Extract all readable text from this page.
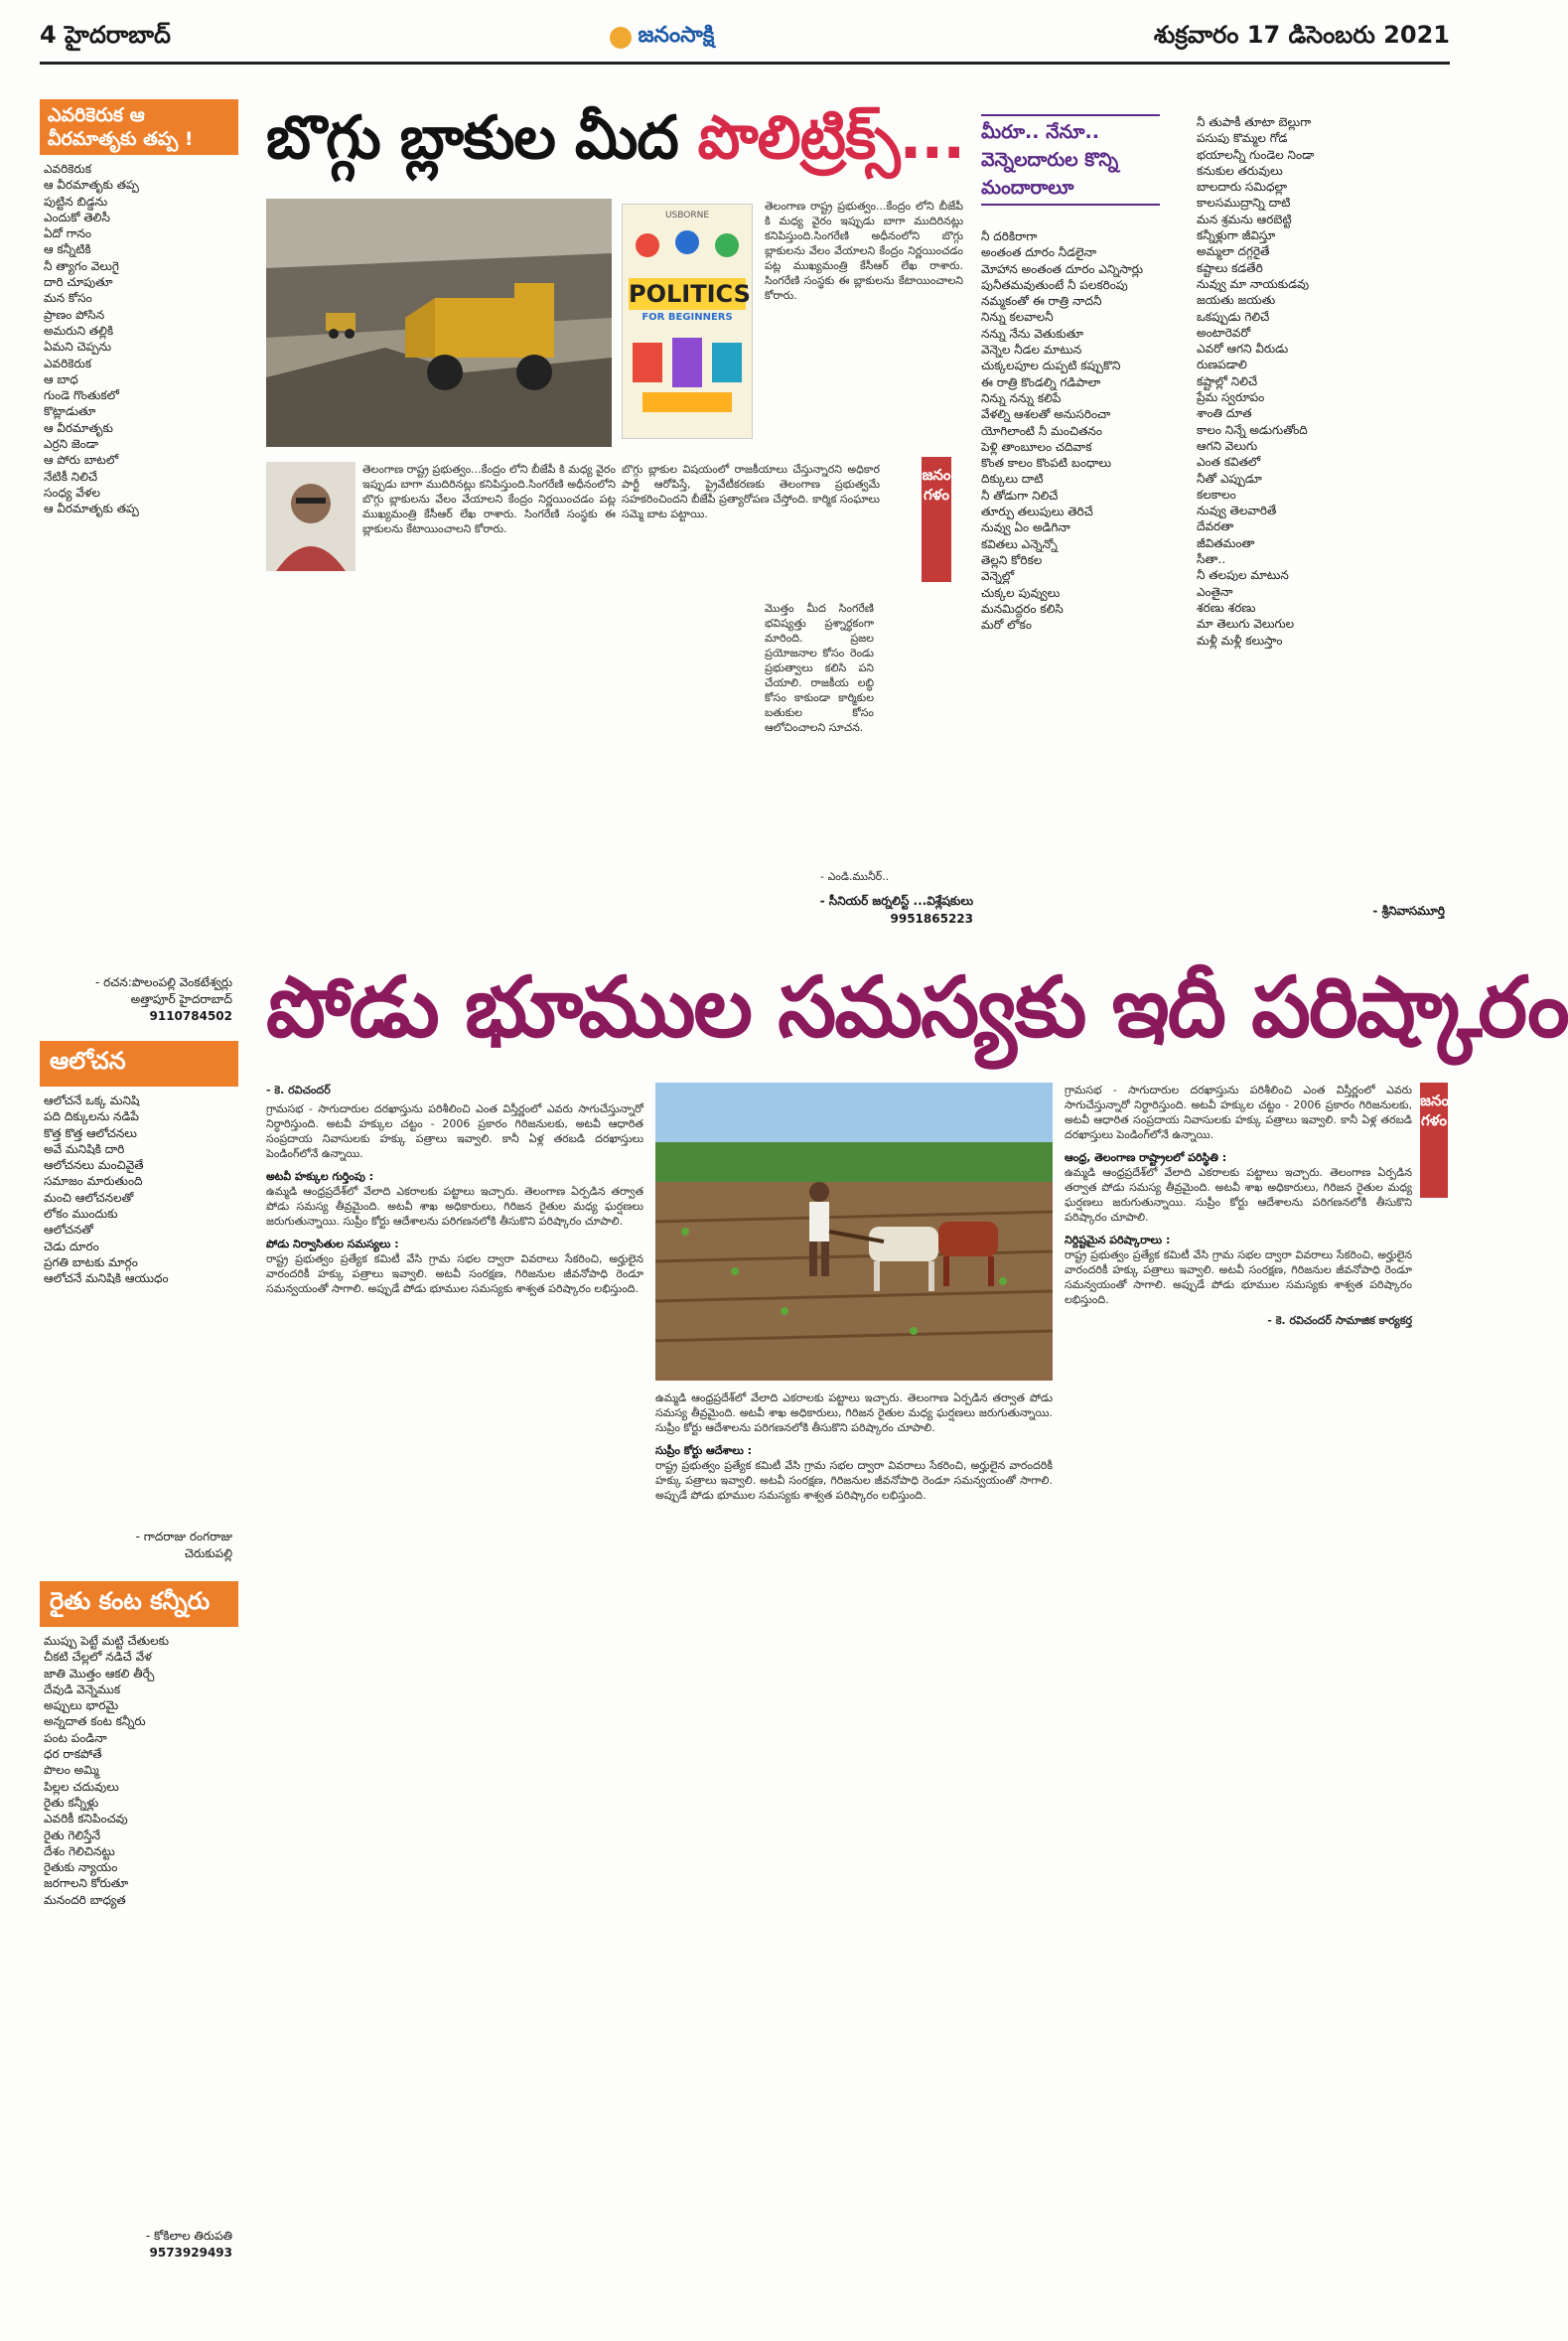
4 హైదరాబాద్	జనంసాక్షి	శుక్రవారం 17 డిసెంబరు 2021
ఎవరికెరుక ఆ వీరమాతృకు తప్ప !
ఎవరికెరుక
ఆ వీరమాతృకు తప్ప
పుట్టిన బిడ్డను
ఎందుకో తెలిసీ
ఏదో గానం
ఆ కన్నీటికి
నీ త్యాగం వెలుగై
దారి చూపుతూ
మన కోసం
ప్రాణం పోసిన
అమరుని తల్లికి
ఏమని చెప్పను
ఎవరికెరుక
ఆ బాధ
గుండె గొంతుకలో
కొట్లాడుతూ
ఆ వీరమాతృకు
ఎర్రని జెండా
ఆ పోరు బాటలో
నేటికీ నిలిచే
సంధ్య వేళల
ఆ వీరమాతృకు తప్ప
- రచన:పొలంపల్లి వెంకటేశ్వర్లు
అత్తాపూర్ హైదరాబాద్
9110784502
ఆలోచన
ఆలోచనే ఒక్క మనిషి
పది దిక్కులను నడిపే
కొత్త కొత్త ఆలోచనలు
అవే మనిషికి దారి
ఆలోచనలు మంచివైతే
సమాజం మారుతుంది
మంచి ఆలోచనలతో
లోకం ముందుకు
ఆలోచనతో
చెడు దూరం
ప్రగతి బాటకు మార్గం
ఆలోచనే మనిషికి ఆయుధం
- గాదరాజు రంగరాజు
చెరుకుపల్లి
రైతు కంట కన్నీరు
ముప్పు పెట్టే మట్టి చేతులకు
చీకటి చేల్లలో నడిచే వేళ
జాతి మొత్తం ఆకలి తీర్చే
దేవుడి వెన్నెముక
అప్పులు భారమై
అన్నదాత కంట కన్నీరు
పంట పండినా
ధర రాకపోతే
పొలం అమ్మి
పిల్లల చదువులు
రైతు కన్నీళ్లు
ఎవరికీ కనిపించవు
రైతు గెలిస్తేనే
దేశం గెలిచినట్టు
రైతుకు న్యాయం
జరగాలని కోరుతూ
మనందరి బాధ్యత
- కోకిలాల తిరుపతి
9573929493
బొగ్గు బ్లాకుల మీద పొలిట్రిక్స్...
USBORNE
POLITICS
FOR BEGINNERS
తెలంగాణ రాష్ట్ర ప్రభుత్వం...కేంద్రం లోని బీజేపీ కి మధ్య వైరం ఇప్పుడు బాగా ముదిరినట్లు కనిపిస్తుంది.సింగరేణి అధీనంలోని బొగ్గు బ్లాకులను వేలం వేయాలని కేంద్రం నిర్ణయించడం పట్ల ముఖ్యమంత్రి కేసీఆర్ లేఖ రాశారు. సింగరేణి సంస్థకు ఈ బ్లాకులను కేటాయించాలని కోరారు.
తెలంగాణ రాష్ట్ర ప్రభుత్వం...కేంద్రం లోని బీజేపీ కి మధ్య వైరం ఇప్పుడు బాగా ముదిరినట్లు కనిపిస్తుంది.సింగరేణి అధీనంలోని బొగ్గు బ్లాకులను వేలం వేయాలని కేంద్రం నిర్ణయించడం పట్ల ముఖ్యమంత్రి కేసీఆర్ లేఖ రాశారు. సింగరేణి సంస్థకు ఈ బ్లాకులను కేటాయించాలని కోరారు.
బొగ్గు బ్లాకుల విషయంలో రాజకీయాలు చేస్తున్నారని అధికార పార్టీ ఆరోపిస్తే, ప్రైవేటీకరణకు తెలంగాణ ప్రభుత్వమే సహకరించిందని బీజేపీ ప్రత్యారోపణ చేస్తోంది. కార్మిక సంఘాలు సమ్మె బాట పట్టాయి.
మొత్తం మీద సింగరేణి భవిష్యత్తు ప్రశ్నార్థకంగా మారింది. ప్రజల ప్రయోజనాల కోసం రెండు ప్రభుత్వాలు కలిసి పని చేయాలి. రాజకీయ లబ్ధి కోసం కాకుండా కార్మికుల బతుకుల కోసం ఆలోచించాలని సూచన.
జనం గళం
- ఎండి.మునీర్..
- సీనియర్ జర్నలిస్ట్ ...విశ్లేషకులు
9951865223
మీరూ.. నేనూ.. వెన్నెలదారుల కొన్ని మందారాలూ
నీ దరికిరాగా
అంతంత దూరం నీడలైనా
మోహాన అంతంత దూరం ఎన్నిసార్లు
పునీతమవుతుంటే నీ పలకరింపు
నమ్మకంతో ఈ రాత్రి నాదనీ
నిన్ను కలవాలనీ
నన్ను నేను వెతుకుతూ
వెన్నెల నీడల మాటున
చుక్కలపూల దుప్పటి కప్పుకొని
ఈ రాత్రి కొండల్ని గడిపాలా
నిన్ను నన్ను కలిపే
వేళల్ని ఆశలతో అనుసరించా
యోగిలాంటి నీ మంచితనం
పెళ్లి తాంబూలం చదివాక
కొంత కాలం కొంపటి బంధాలు
దిక్కులు దాటి
నీ తోడుగా నిలిచే
తూర్పు తలుపులు తెరిచే
నువ్వు ఏం అడిగినా
కవితలు ఎన్నెన్నో
తెల్లని కోరికల
వెన్నెల్లో
చుక్కల పువ్వులు
మనమిద్దరం కలిసి
మరో లోకం
నీ తుపాకీ తూటా బెల్లుగా
పసుపు కొమ్మల గోడ
భయాలన్నీ గుండెల నిండా
కనుకుల తరువులు
బాలదారు సమిధల్లా
కాలసముద్రాన్ని దాటి
మన శ్రమను ఆరబెట్టి
కన్నీళ్లుగా జీవిస్తూ
అమ్మలా దగ్గరైతే
కష్టాలు కడతేరి
నువ్వు మా నాయకుడవు
జయతు జయతు
ఒకప్పుడు గెలిచే
అంటారెవరో
ఎవరో ఆగని వీరుడు
రుణపడాలి
కష్టాల్లో నిలిచే
ప్రేమ స్వరూపం
శాంతి దూత
కాలం నిన్నే అడుగుతోంది
ఆగని వెలుగు
ఎంత కవితలో
నీతో ఎప్పుడూ
కలకాలం
నువ్వు తెలవారితే
దేవరతా
జీవితమంతా
సీతా..
నీ తలపుల మాటున
ఎంతైనా
శరణు శరణు
మా తెలుగు వెలుగుల
మళ్లీ మళ్లీ కలుస్తాం
- శ్రీనివాసమూర్తి
పోడు భూముల సమస్యకు ఇదీ పరిష్కారం
- కె. రవిచందర్
గ్రామసభ - సాగుదారుల దరఖాస్తును పరిశీలించి ఎంత విస్తీర్ణంలో ఎవరు సాగుచేస్తున్నారో నిర్ధారిస్తుంది. అటవీ హక్కుల చట్టం - 2006 ప్రకారం గిరిజనులకు, అటవీ ఆధారిత సంప్రదాయ నివాసులకు హక్కు పత్రాలు ఇవ్వాలి. కానీ ఏళ్ల తరబడి దరఖాస్తులు పెండింగ్‌లోనే ఉన్నాయి.
అటవీ హక్కుల గుర్తింపు :
ఉమ్మడి ఆంధ్రప్రదేశ్‌లో వేలాది ఎకరాలకు పట్టాలు ఇచ్చారు. తెలంగాణ ఏర్పడిన తర్వాత పోడు సమస్య తీవ్రమైంది. అటవీ శాఖ అధికారులు, గిరిజన రైతుల మధ్య ఘర్షణలు జరుగుతున్నాయి. సుప్రీం కోర్టు ఆదేశాలను పరిగణనలోకి తీసుకొని పరిష్కారం చూపాలి.
పోడు నిర్వాసితుల సమస్యలు :
రాష్ట్ర ప్రభుత్వం ప్రత్యేక కమిటీ వేసి గ్రామ సభల ద్వారా వివరాలు సేకరించి, అర్హులైన వారందరికీ హక్కు పత్రాలు ఇవ్వాలి. అటవీ సంరక్షణ, గిరిజనుల జీవనోపాధి రెండూ సమన్వయంతో సాగాలి. అప్పుడే పోడు భూముల సమస్యకు శాశ్వత పరిష్కారం లభిస్తుంది.
ఉమ్మడి ఆంధ్రప్రదేశ్‌లో వేలాది ఎకరాలకు పట్టాలు ఇచ్చారు. తెలంగాణ ఏర్పడిన తర్వాత పోడు సమస్య తీవ్రమైంది. అటవీ శాఖ అధికారులు, గిరిజన రైతుల మధ్య ఘర్షణలు జరుగుతున్నాయి. సుప్రీం కోర్టు ఆదేశాలను పరిగణనలోకి తీసుకొని పరిష్కారం చూపాలి.
సుప్రీం కోర్టు ఆదేశాలు :
రాష్ట్ర ప్రభుత్వం ప్రత్యేక కమిటీ వేసి గ్రామ సభల ద్వారా వివరాలు సేకరించి, అర్హులైన వారందరికీ హక్కు పత్రాలు ఇవ్వాలి. అటవీ సంరక్షణ, గిరిజనుల జీవనోపాధి రెండూ సమన్వయంతో సాగాలి. అప్పుడే పోడు భూముల సమస్యకు శాశ్వత పరిష్కారం లభిస్తుంది.
జనం గళం
గ్రామసభ - సాగుదారుల దరఖాస్తును పరిశీలించి ఎంత విస్తీర్ణంలో ఎవరు సాగుచేస్తున్నారో నిర్ధారిస్తుంది. అటవీ హక్కుల చట్టం - 2006 ప్రకారం గిరిజనులకు, అటవీ ఆధారిత సంప్రదాయ నివాసులకు హక్కు పత్రాలు ఇవ్వాలి. కానీ ఏళ్ల తరబడి దరఖాస్తులు పెండింగ్‌లోనే ఉన్నాయి.
ఆంధ్ర, తెలంగాణ రాష్ట్రాలలో పరిస్థితి :
ఉమ్మడి ఆంధ్రప్రదేశ్‌లో వేలాది ఎకరాలకు పట్టాలు ఇచ్చారు. తెలంగాణ ఏర్పడిన తర్వాత పోడు సమస్య తీవ్రమైంది. అటవీ శాఖ అధికారులు, గిరిజన రైతుల మధ్య ఘర్షణలు జరుగుతున్నాయి. సుప్రీం కోర్టు ఆదేశాలను పరిగణనలోకి తీసుకొని పరిష్కారం చూపాలి.
నిర్దిష్టమైన పరిష్కారాలు :
రాష్ట్ర ప్రభుత్వం ప్రత్యేక కమిటీ వేసి గ్రామ సభల ద్వారా వివరాలు సేకరించి, అర్హులైన వారందరికీ హక్కు పత్రాలు ఇవ్వాలి. అటవీ సంరక్షణ, గిరిజనుల జీవనోపాధి రెండూ సమన్వయంతో సాగాలి. అప్పుడే పోడు భూముల సమస్యకు శాశ్వత పరిష్కారం లభిస్తుంది.
- కె. రవిచందర్ సామాజిక కార్యకర్త
